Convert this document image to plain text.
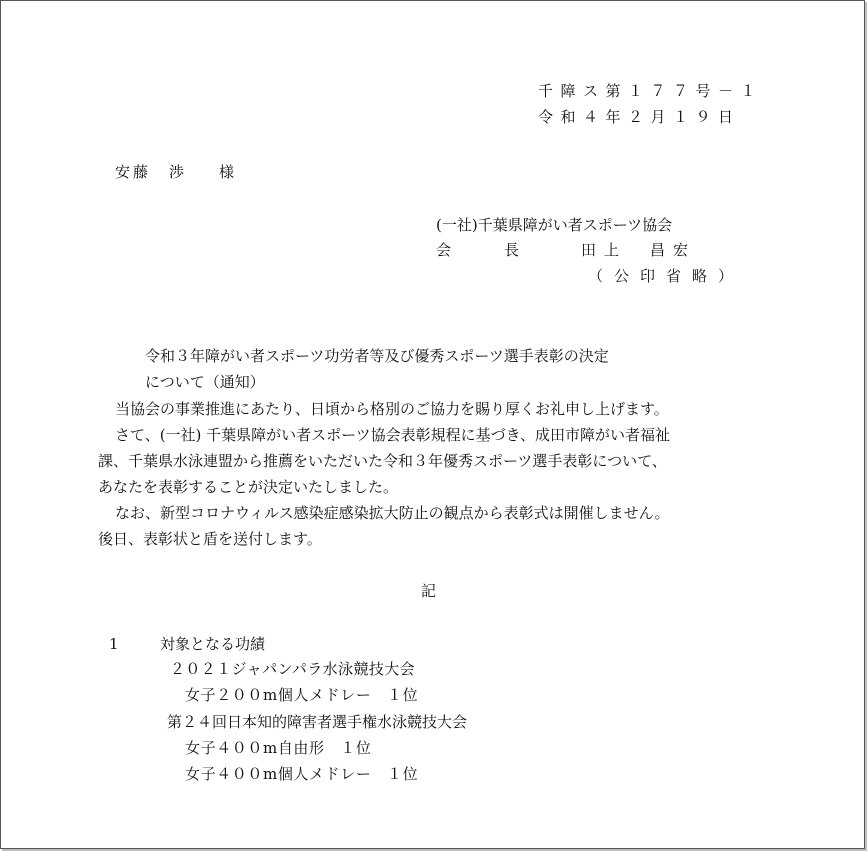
千障ス第１７７号－１
令和４年２月１９日
安藤　渉 様
(一社)千葉県障がい者スポーツ協会
会　長	田上　昌宏
（公印省略）
令和３年障がい者スポーツ功労者等及び優秀スポーツ選手表彰の決定
について（通知）
当協会の事業推進にあたり、日頃から格別のご協力を賜り厚くお礼申し上げます。
さて、(一社) 千葉県障がい者スポーツ協会表彰規程に基づき、成田市障がい者福祉
課、千葉県水泳連盟から推薦をいただいた令和３年優秀スポーツ選手表彰について、
あなたを表彰することが決定いたしました。
なお、新型コロナウィルス感染症感染拡大防止の観点から表彰式は開催しません。
後日、表彰状と盾を送付します。
記
1	対象となる功績
２０２１ジャパンパラ水泳競技大会
女子２００m個人メドレー　１位
第２４回日本知的障害者選手権水泳競技大会
女子４００m自由形　１位
女子４００m個人メドレー　１位
